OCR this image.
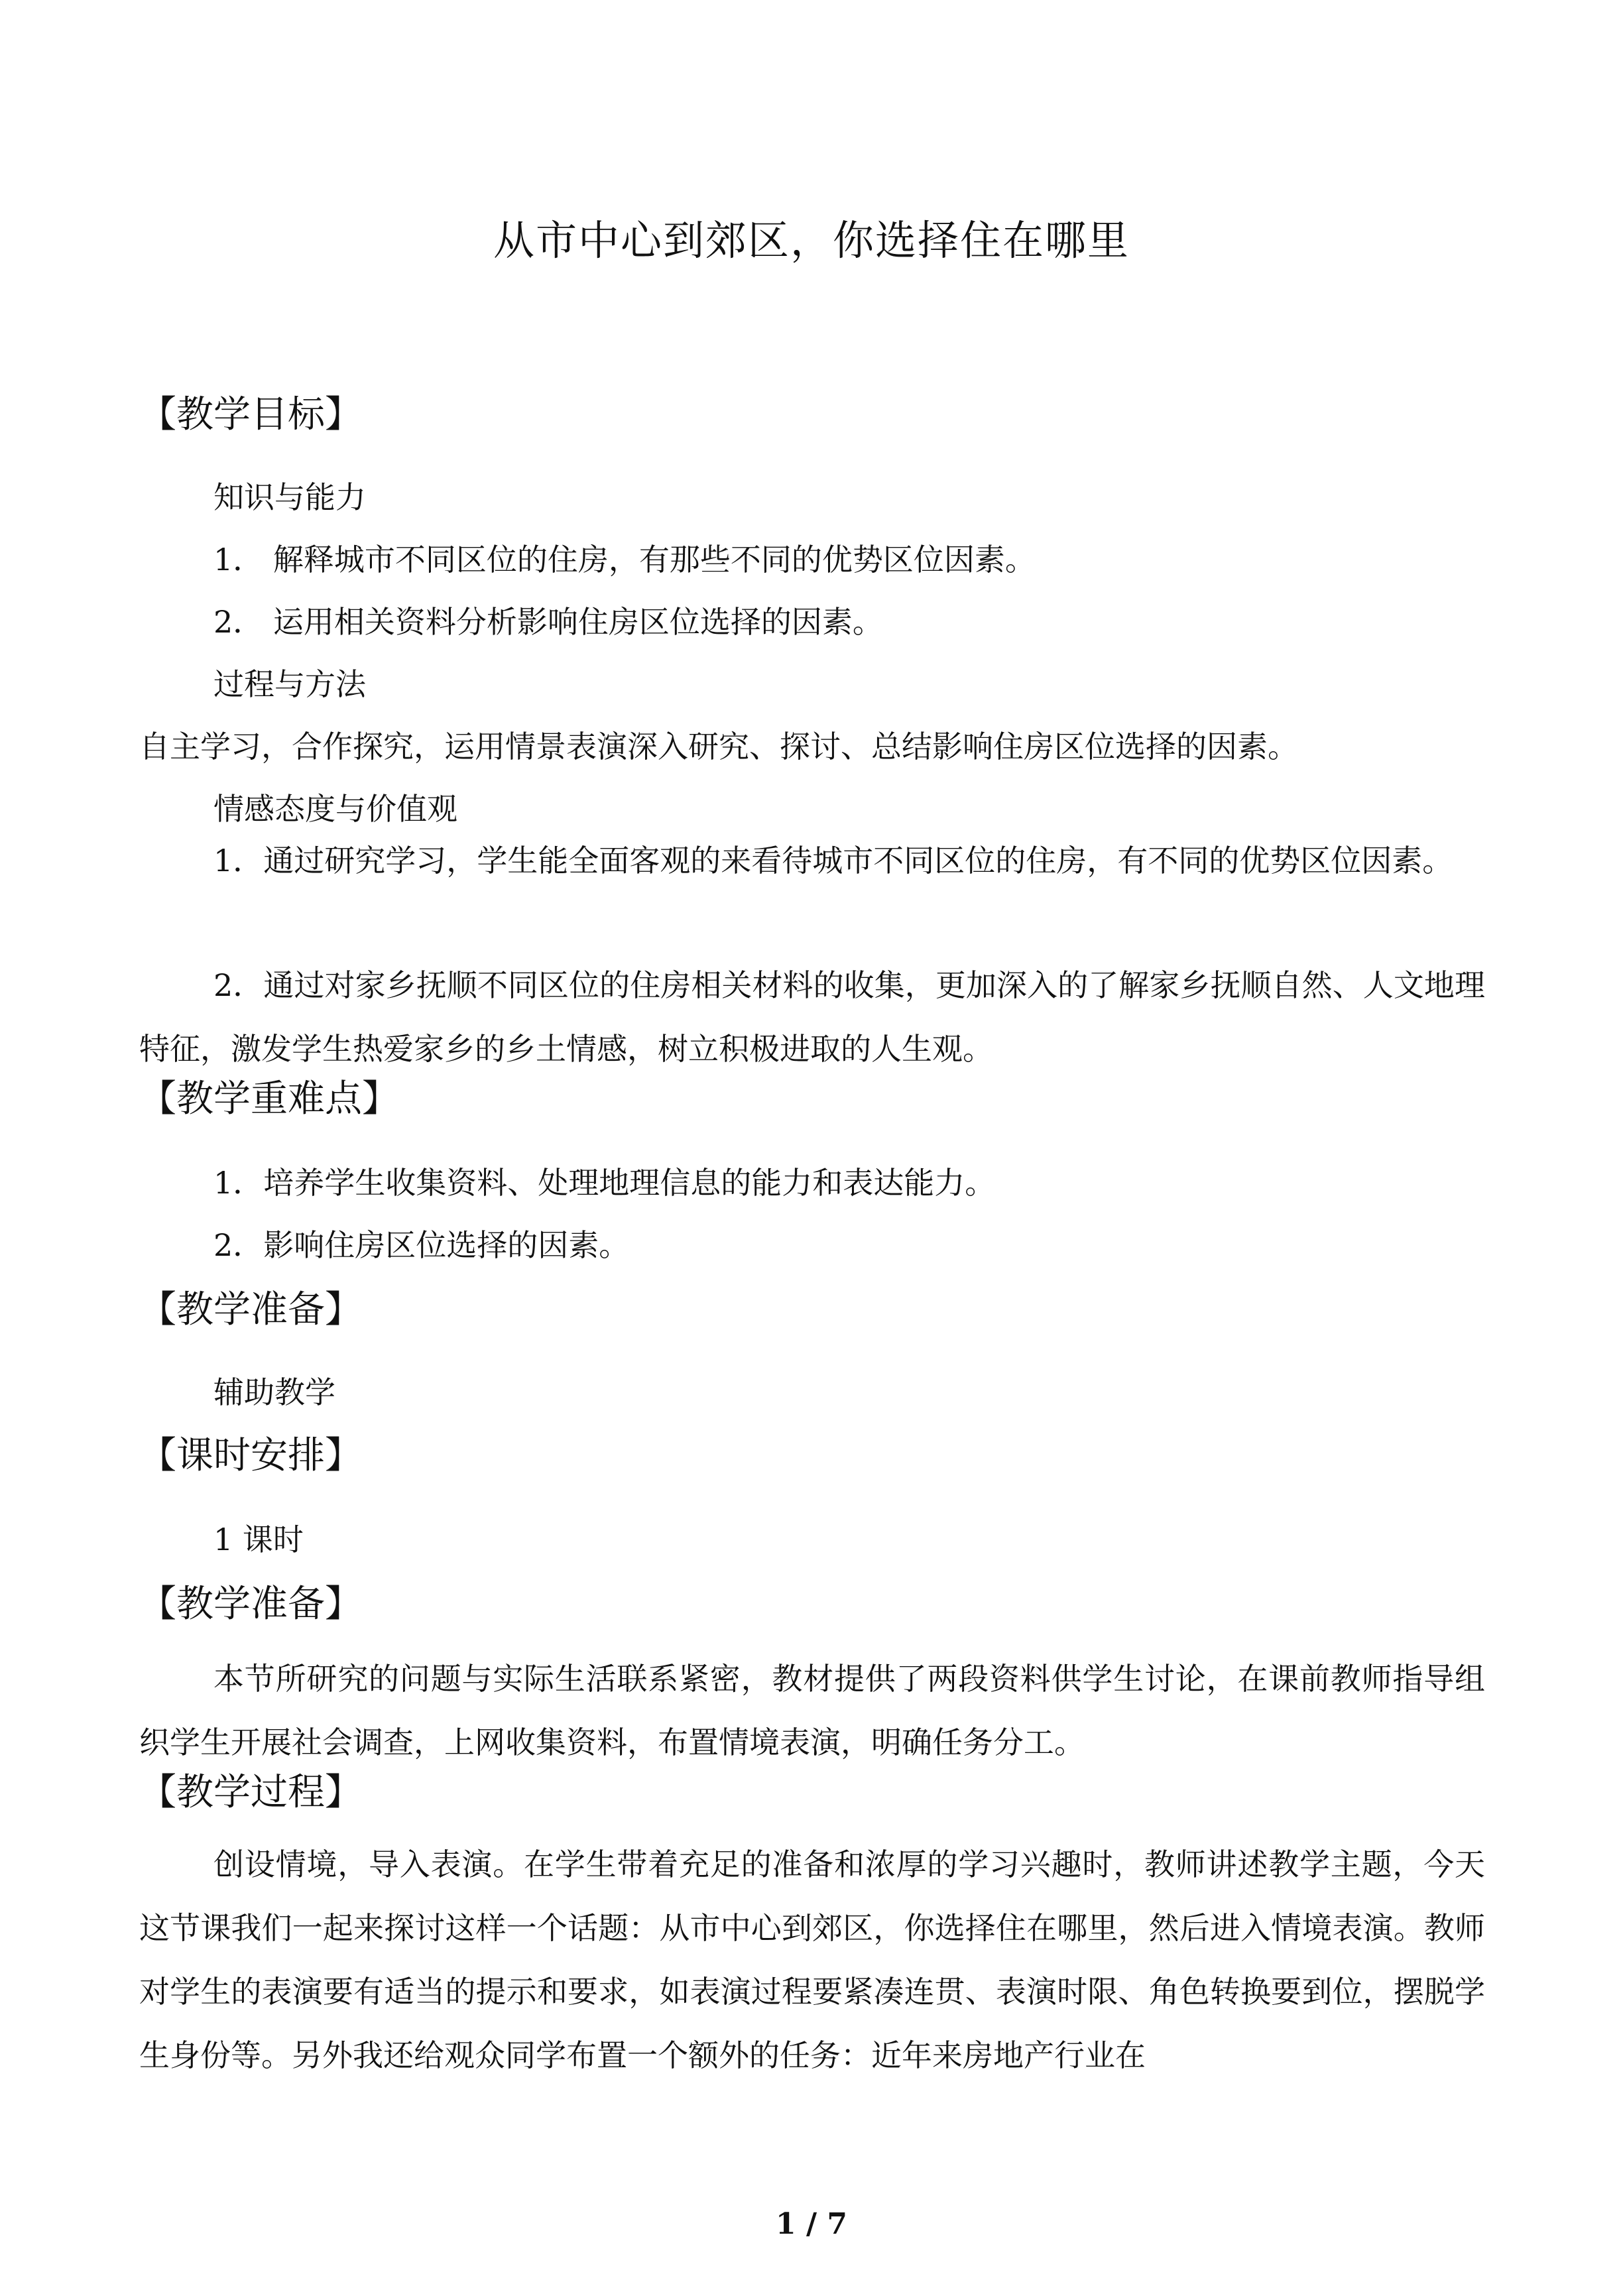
从市中心到郊区，你选择住在哪里
【教学目标】
知识与能力
1． 解释城市不同区位的住房，有那些不同的优势区位因素。
2． 运用相关资料分析影响住房区位选择的因素。
过程与方法
自主学习，合作探究，运用情景表演深入研究、探讨、总结影响住房区位选择的因素。
情感态度与价值观
1．通过研究学习，学生能全面客观的来看待城市不同区位的住房，有不同的优势区位因素。
2．通过对家乡抚顺不同区位的住房相关材料的收集，更加深入的了解家乡抚顺自然、人文地理特征，激发学生热爱家乡的乡土情感，树立积极进取的人生观。
【教学重难点】
1．培养学生收集资料、处理地理信息的能力和表达能力。
2．影响住房区位选择的因素。
【教学准备】
辅助教学
【课时安排】
1 课时
【教学准备】
本节所研究的问题与实际生活联系紧密，教材提供了两段资料供学生讨论，在课前教师指导组织学生开展社会调查，上网收集资料，布置情境表演，明确任务分工。
【教学过程】
创设情境，导入表演。在学生带着充足的准备和浓厚的学习兴趣时，教师讲述教学主题，今天这节课我们一起来探讨这样一个话题：从市中心到郊区，你选择住在哪里，然后进入情境表演。教师对学生的表演要有适当的提示和要求，如表演过程要紧凑连贯、表演时限、角色转换要到位，摆脱学生身份等。另外我还给观众同学布置一个额外的任务：近年来房地产行业在
1 / 7
